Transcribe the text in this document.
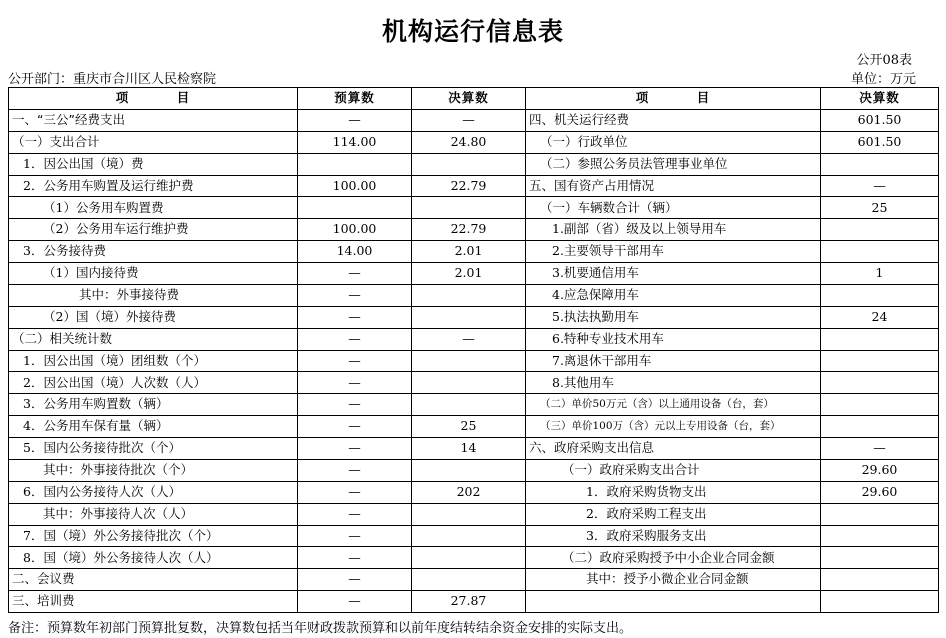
机构运行信息表
公开08表
公开部门：重庆市合川区人民检察院	单位：万元
项　目	预算数	决算数	项　目	决算数
一、“三公”经费支出	—	—	四、机关运行经费	601.50
（一）支出合计	114.00	24.80	（一）行政单位	601.50
1．因公出国（境）费			（二）参照公务员法管理事业单位	
2．公务用车购置及运行维护费	100.00	22.79	五、国有资产占用情况	—
（1）公务用车购置费			（一）车辆数合计（辆）	25
（2）公务用车运行维护费	100.00	22.79	1.副部（省）级及以上领导用车	
3．公务接待费	14.00	2.01	2.主要领导干部用车	
（1）国内接待费	—	2.01	3.机要通信用车	1
其中：外事接待费	—		4.应急保障用车	
（2）国（境）外接待费	—		5.执法执勤用车	24
（二）相关统计数	—	—	6.特种专业技术用车	
1．因公出国（境）团组数（个）	—		7.离退休干部用车	
2．因公出国（境）人次数（人）	—		8.其他用车	
3．公务用车购置数（辆）	—		（二）单价50万元（含）以上通用设备（台，套）	
4．公务用车保有量（辆）	—	25	（三）单价100万（含）元以上专用设备（台，套）	
5．国内公务接待批次（个）	—	14	六、政府采购支出信息	—
其中：外事接待批次（个）	—		（一）政府采购支出合计	29.60
6．国内公务接待人次（人）	—	202	1．政府采购货物支出	29.60
其中：外事接待人次（人）	—		2．政府采购工程支出	
7．国（境）外公务接待批次（个）	—		3．政府采购服务支出	
8．国（境）外公务接待人次（人）	—		（二）政府采购授予中小企业合同金额	
二、会议费	—		其中：授予小微企业合同金额	
三、培训费	—	27.87		
备注：预算数年初部门预算批复数，决算数包括当年财政拨款预算和以前年度结转结余资金安排的实际支出。
